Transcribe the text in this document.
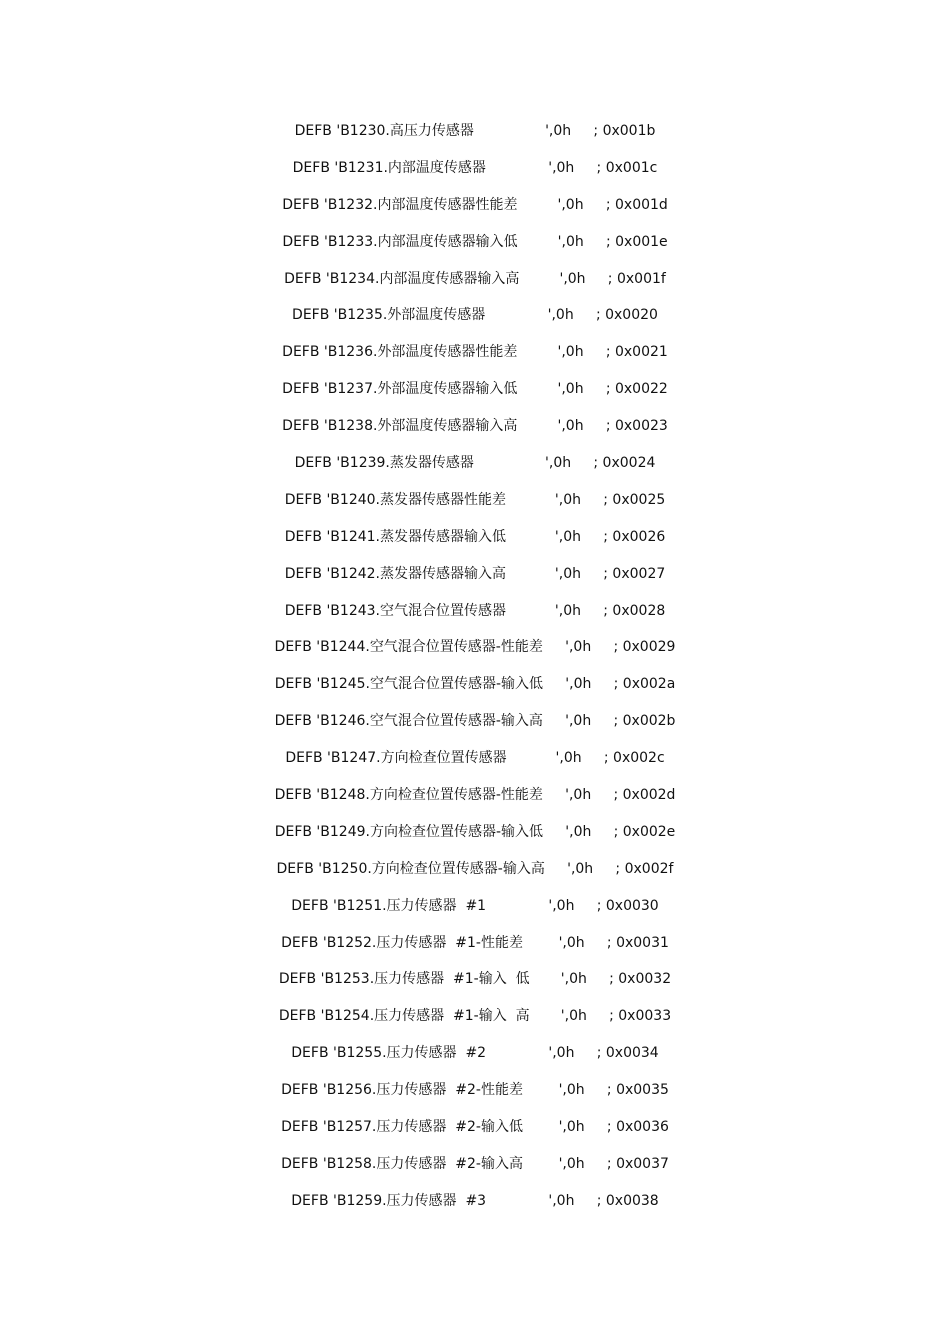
DEFB 'B1230.高压力传感器                ',0h     ; 0x001b
DEFB 'B1231.内部温度传感器              ',0h     ; 0x001c
DEFB 'B1232.内部温度传感器性能差         ',0h     ; 0x001d
DEFB 'B1233.内部温度传感器输入低         ',0h     ; 0x001e
DEFB 'B1234.内部温度传感器输入高         ',0h     ; 0x001f
DEFB 'B1235.外部温度传感器              ',0h     ; 0x0020
DEFB 'B1236.外部温度传感器性能差         ',0h     ; 0x0021
DEFB 'B1237.外部温度传感器输入低         ',0h     ; 0x0022
DEFB 'B1238.外部温度传感器输入高         ',0h     ; 0x0023
DEFB 'B1239.蒸发器传感器                ',0h     ; 0x0024
DEFB 'B1240.蒸发器传感器性能差           ',0h     ; 0x0025
DEFB 'B1241.蒸发器传感器输入低           ',0h     ; 0x0026
DEFB 'B1242.蒸发器传感器输入高           ',0h     ; 0x0027
DEFB 'B1243.空气混合位置传感器           ',0h     ; 0x0028
DEFB 'B1244.空气混合位置传感器-性能差     ',0h     ; 0x0029
DEFB 'B1245.空气混合位置传感器-输入低     ',0h     ; 0x002a
DEFB 'B1246.空气混合位置传感器-输入高     ',0h     ; 0x002b
DEFB 'B1247.方向检查位置传感器           ',0h     ; 0x002c
DEFB 'B1248.方向检查位置传感器-性能差     ',0h     ; 0x002d
DEFB 'B1249.方向检查位置传感器-输入低     ',0h     ; 0x002e
DEFB 'B1250.方向检查位置传感器-输入高     ',0h     ; 0x002f
DEFB 'B1251.压力传感器  #1              ',0h     ; 0x0030
DEFB 'B1252.压力传感器  #1-性能差        ',0h     ; 0x0031
DEFB 'B1253.压力传感器  #1-输入  低       ',0h     ; 0x0032
DEFB 'B1254.压力传感器  #1-输入  高       ',0h     ; 0x0033
DEFB 'B1255.压力传感器  #2              ',0h     ; 0x0034
DEFB 'B1256.压力传感器  #2-性能差        ',0h     ; 0x0035
DEFB 'B1257.压力传感器  #2-输入低        ',0h     ; 0x0036
DEFB 'B1258.压力传感器  #2-输入高        ',0h     ; 0x0037
DEFB 'B1259.压力传感器  #3              ',0h     ; 0x0038
